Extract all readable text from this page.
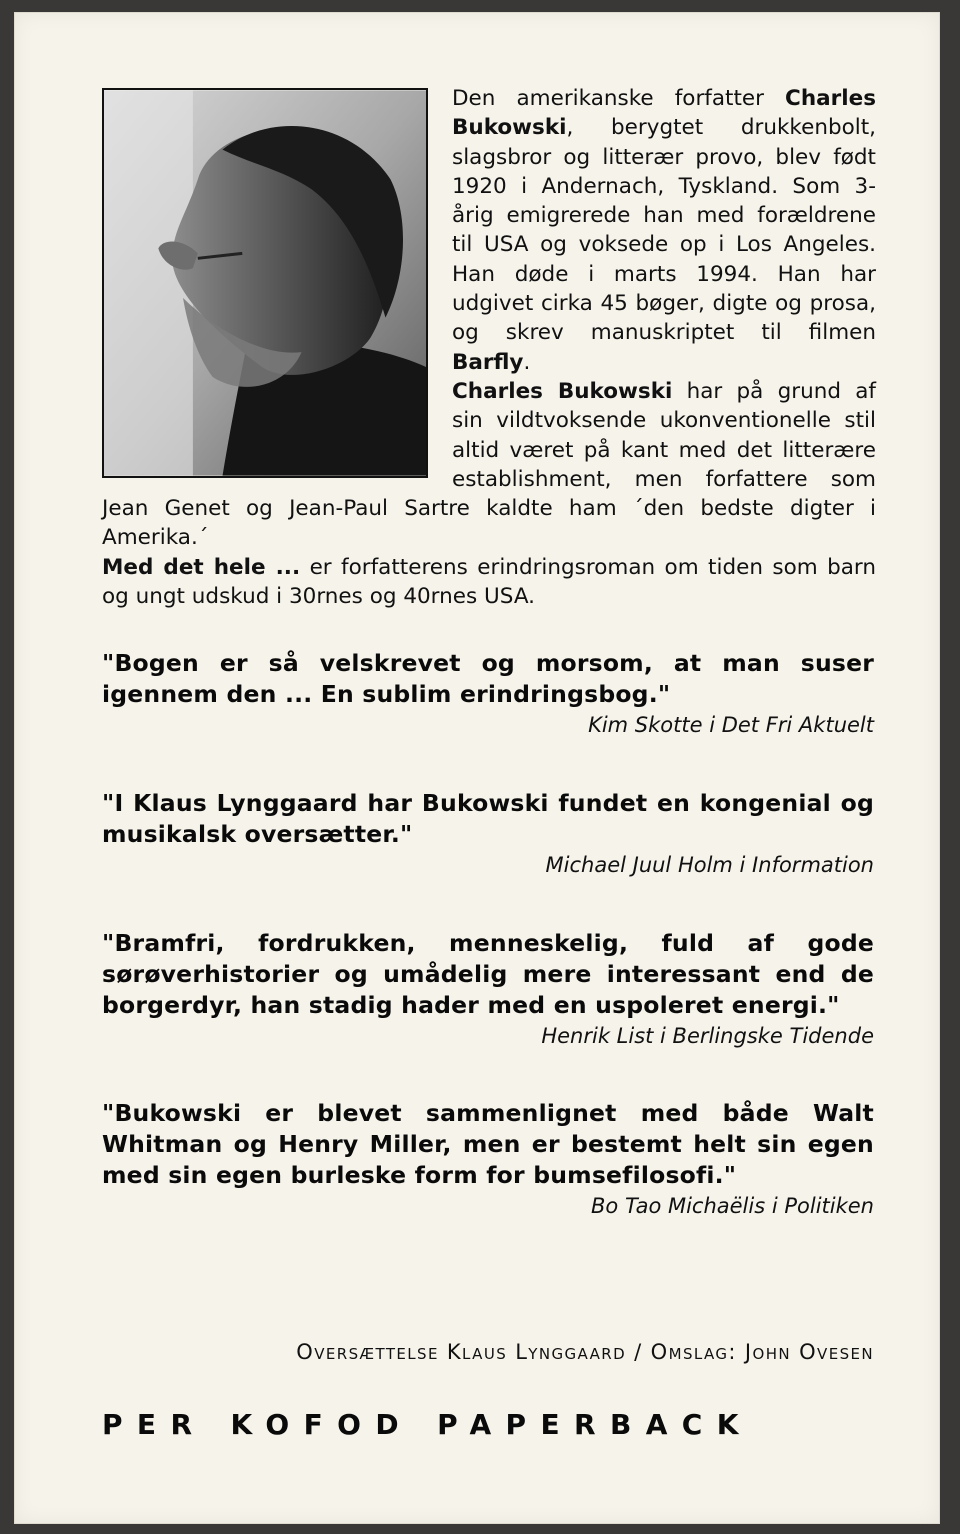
Den amerikanske forfatter Charles Bukowski, berygtet drukkenbolt, slagsbror og litterær provo, blev født 1920 i Andernach, Tyskland. Som 3-årig emigrerede han med forældrene til USA og voksede op i Los Angeles. Han døde i marts 1994. Han har udgivet cirka 45 bøger, digte og prosa, og skrev manuskriptet til filmen Barfly.
Charles Bukowski har på grund af sin vildtvoksende ukonventionelle stil altid været på kant med det litterære establishment, men forfattere som Jean Genet og Jean-Paul Sartre kaldte ham ´den bedste digter i Amerika.´
Med det hele ... er forfatterens erindringsroman om tiden som barn og ungt udskud i 30rnes og 40rnes USA.
"Bogen er så velskrevet og morsom, at man suser igennem den ... En sublim erindringsbog."
Kim Skotte i Det Fri Aktuelt
"I Klaus Lynggaard har Bukowski fundet en kongenial og musikalsk oversætter."
Michael Juul Holm i Information
"Bramfri, fordrukken, menneskelig, fuld af gode sørøverhistorier og umådelig mere interessant end de borgerdyr, han stadig hader med en uspoleret energi."
Henrik List i Berlingske Tidende
"Bukowski er blevet sammenlignet med både Walt Whitman og Henry Miller, men er bestemt helt sin egen med sin egen burleske form for bumsefilosofi."
Bo Tao Michaëlis i Politiken
Oversættelse Klaus Lynggaard / Omslag: John Ovesen
PER KOFOD PAPERBACK
